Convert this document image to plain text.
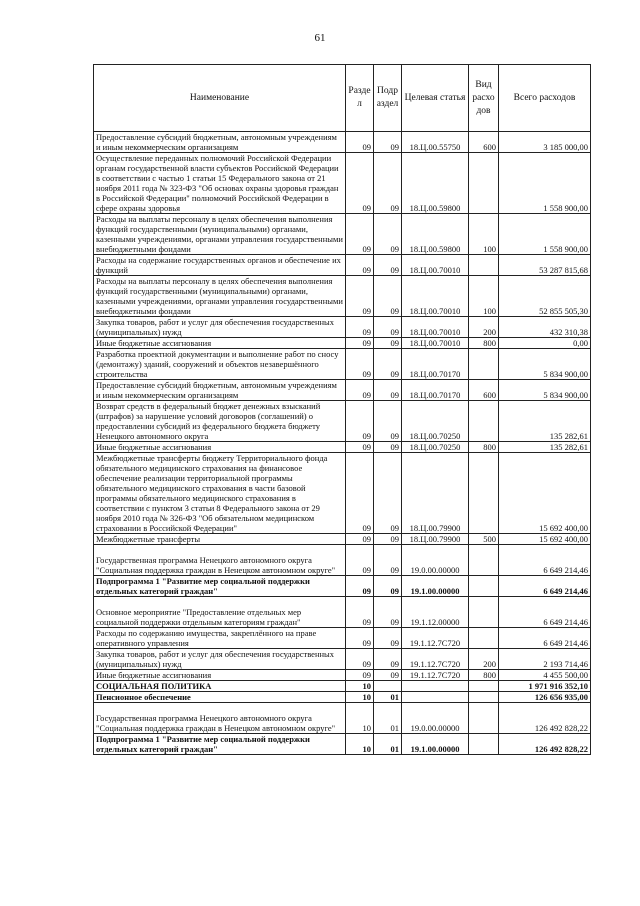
61
Наименование	Разде л	Подр аздел	Целевая статья	Вид расхо дов	Всего расходов
Предоставление субсидий бюджетным, автономным учреждениям и иным некоммерческим организациям	09	09	18.Ц.00.55750	600	3 185 000,00
Осуществление переданных полномочий Российской Федерации органам государственной власти субъектов Российской Федерации в соответствии с частью 1 статьи 15 Федерального закона от 21 ноября 2011 года № 323-ФЗ "Об основах охраны здоровья граждан в Российской Федерации" полномочий Российской Федерации в сфере охраны здоровья	09	09	18.Ц.00.59800		1 558 900,00
Расходы на выплаты персоналу в целях обеспечения выполнения функций государственными (муниципальными) органами, казенными учреждениями, органами управления государственными внебюджетными фондами	09	09	18.Ц.00.59800	100	1 558 900,00
Расходы на содержание государственных органов и обеспечение их функций	09	09	18.Ц.00.70010		53 287 815,68
Расходы на выплаты персоналу в целях обеспечения выполнения функций государственными (муниципальными) органами, казенными учреждениями, органами управления государственными внебюджетными фондами	09	09	18.Ц.00.70010	100	52 855 505,30
Закупка товаров, работ и услуг для обеспечения государственных (муниципальных) нужд	09	09	18.Ц.00.70010	200	432 310,38
Иные бюджетные ассигнования	09	09	18.Ц.00.70010	800	0,00
Разработка проектной документации и выполнение работ по сносу (демонтажу) зданий, сооружений и объектов незавершённого строительства	09	09	18.Ц.00.70170		5 834 900,00
Предоставление субсидий бюджетным, автономным учреждениям и иным некоммерческим организациям	09	09	18.Ц.00.70170	600	5 834 900,00
Возврат средств в федеральный бюджет денежных взысканий (штрафов) за нарушение условий договоров (соглашений) о предоставлении субсидий из федерального бюджета бюджету Ненецкого автономного округа	09	09	18.Ц.00.70250		135 282,61
Иные бюджетные ассигнования	09	09	18.Ц.00.70250	800	135 282,61
Межбюджетные трансферты бюджету Территориального фонда обязательного медицинского страхования на финансовое обеспечение реализации территориальной программы обязательного медицинского страхования в части базовой программы обязательного медицинского страхования в соответствии с пунктом 3 статьи 8 Федерального закона от 29 ноября 2010 года № 326-ФЗ "Об обязательном медицинском страховании в Российской Федерации"	09	09	18.Ц.00.79900		15 692 400,00
Межбюджетные трансферты	09	09	18.Ц.00.79900	500	15 692 400,00
Государственная программа Ненецкого автономного округа "Социальная поддержка граждан в Ненецком автономном округе"	09	09	19.0.00.00000		6 649 214,46
Подпрограмма 1 "Развитие мер социальной поддержки отдельных категорий граждан"	09	09	19.1.00.00000		6 649 214,46
Основное мероприятие "Предоставление отдельных мер социальной поддержки отдельным категориям граждан"	09	09	19.1.12.00000		6 649 214,46
Расходы по содержанию имущества, закреплённого на праве оперативного управления	09	09	19.1.12.7С720		6 649 214,46
Закупка товаров, работ и услуг для обеспечения государственных (муниципальных) нужд	09	09	19.1.12.7С720	200	2 193 714,46
Иные бюджетные ассигнования	09	09	19.1.12.7С720	800	4 455 500,00
СОЦИАЛЬНАЯ ПОЛИТИКА	10				1 971 916 352,10
Пенсионное обеспечение	10	01			126 656 935,00
Государственная программа Ненецкого автономного округа "Социальная поддержка граждан в Ненецком автономном округе"	10	01	19.0.00.00000		126 492 828,22
Подпрограмма 1 "Развитие мер социальной поддержки отдельных категорий граждан"	10	01	19.1.00.00000		126 492 828,22
